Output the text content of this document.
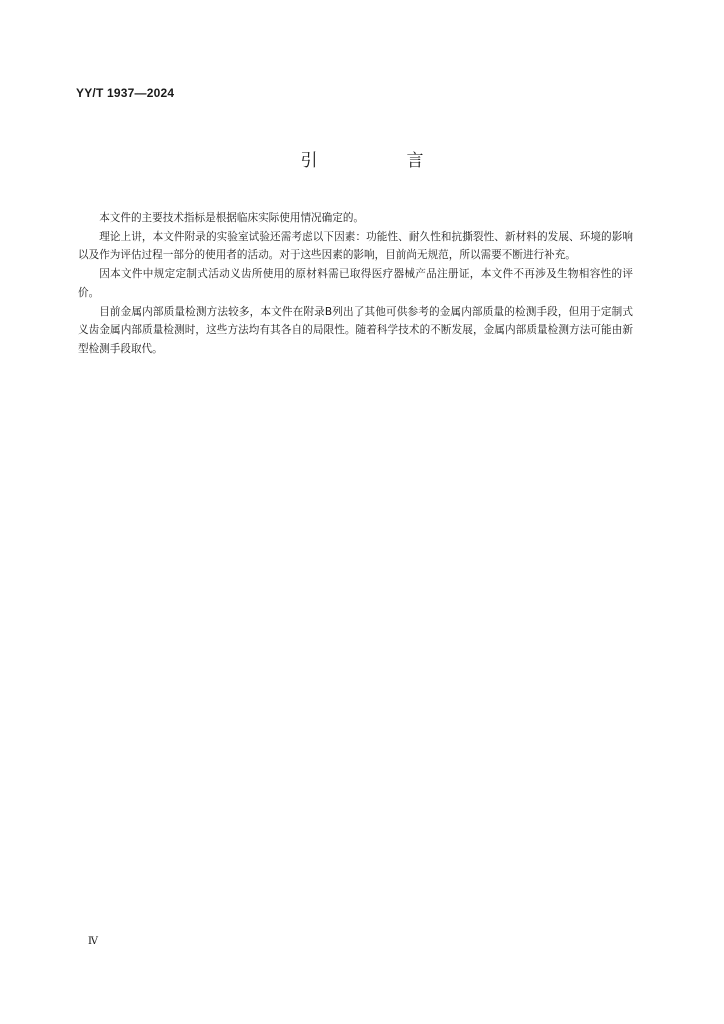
YY/T 1937—2024
引　言

本文件的主要技术指标是根据临床实际使用情况确定的。

理论上讲，本文件附录的实验室试验还需考虑以下因素：功能性、耐久性和抗撕裂性、新材料的发展、环境的影响以及作为评估过程一部分的使用者的活动。对于这些因素的影响，目前尚无规范，所以需要不断进行补充。

因本文件中规定定制式活动义齿所使用的原材料需已取得医疗器械产品注册证，本文件不再涉及生物相容性的评价。

目前金属内部质量检测方法较多，本文件在附录B列出了其他可供参考的金属内部质量的检测手段，但用于定制式义齿金属内部质量检测时，这些方法均有其各自的局限性。随着科学技术的不断发展，金属内部质量检测方法可能由新型检测手段取代。

Ⅳ
